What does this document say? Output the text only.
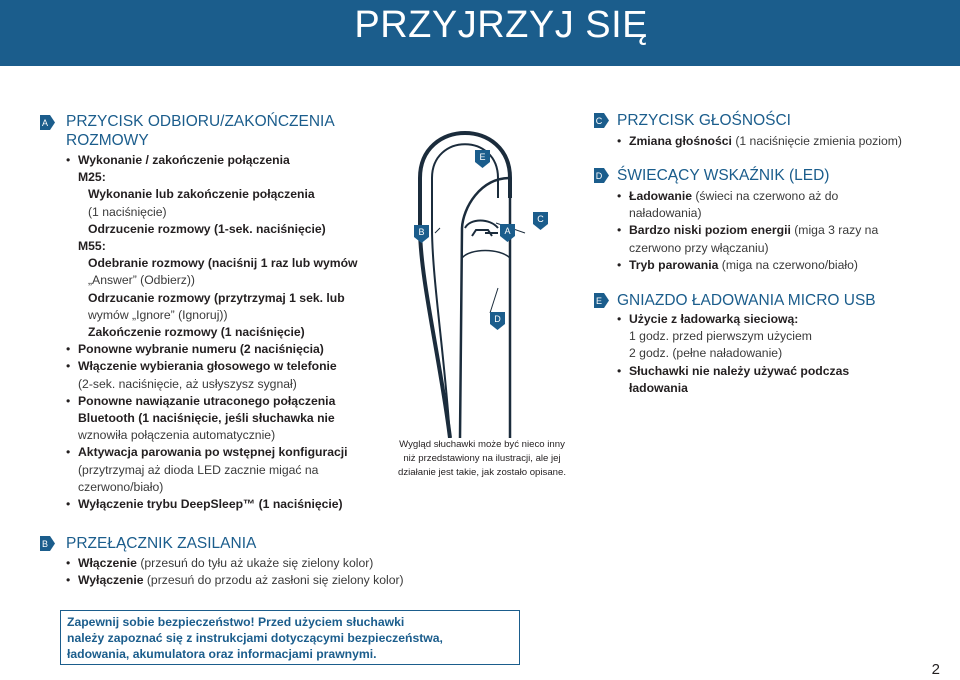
PRZYJRZYJ SIĘ
A PRZYCISK ODBIORU/ZAKOŃCZENIA
ROZMOWY
• Wykonanie / zakończenie połączenia
M25:
Wykonanie lub zakończenie połączenia
(1 naciśnięcie)
Odrzucenie rozmowy (1-sek. naciśnięcie)
M55:
Odebranie rozmowy (naciśnij 1 raz lub wymów
„Answer” (Odbierz))
Odrzucanie rozmowy (przytrzymaj 1 sek. lub
wymów „Ignore” (Ignoruj))
Zakończenie rozmowy (1 naciśnięcie)
• Ponowne wybranie numeru (2 naciśnięcia)
• Włączenie wybierania głosowego w telefonie
(2-sek. naciśnięcie, aż usłyszysz sygnał)
• Ponowne nawiązanie utraconego połączenia
Bluetooth (1 naciśnięcie, jeśli słuchawka nie
wznowiła połączenia automatycznie)
• Aktywacja parowania po wstępnej konfiguracji
(przytrzymaj aż dioda LED zacznie migać na
czerwono/biało)
• Wyłączenie trybu DeepSleep™ (1 naciśnięcie)
B
E
A
C
D
Wygląd słuchawki może być nieco inny
niż przedstawiony na ilustracji, ale jej
działanie jest takie, jak zostało opisane.
B PRZEŁĄCZNIK ZASILANIA
• Włączenie (przesuń do tyłu aż ukaże się zielony kolor)
• Wyłączenie (przesuń do przodu aż zasłoni się zielony kolor)
C PRZYCISK GŁOŚNOŚCI
• Zmiana głośności (1 naciśnięcie zmienia poziom)
D ŚWIECĄCY WSKAŹNIK (LED)
• Ładowanie (świeci na czerwono aż do
naładowania)
• Bardzo niski poziom energii (miga 3 razy na
czerwono przy włączaniu)
• Tryb parowania (miga na czerwono/biało)
E GNIAZDO ŁADOWANIA MICRO USB
• Użycie z ładowarką sieciową:
1 godz. przed pierwszym użyciem
2 godz. (pełne naładowanie)
• Słuchawki nie należy używać podczas
ładowania
Zapewnij sobie bezpieczeństwo! Przed użyciem słuchawki
należy zapoznać się z instrukcjami dotyczącymi bezpieczeństwa,
ładowania, akumulatora oraz informacjami prawnymi.
2
